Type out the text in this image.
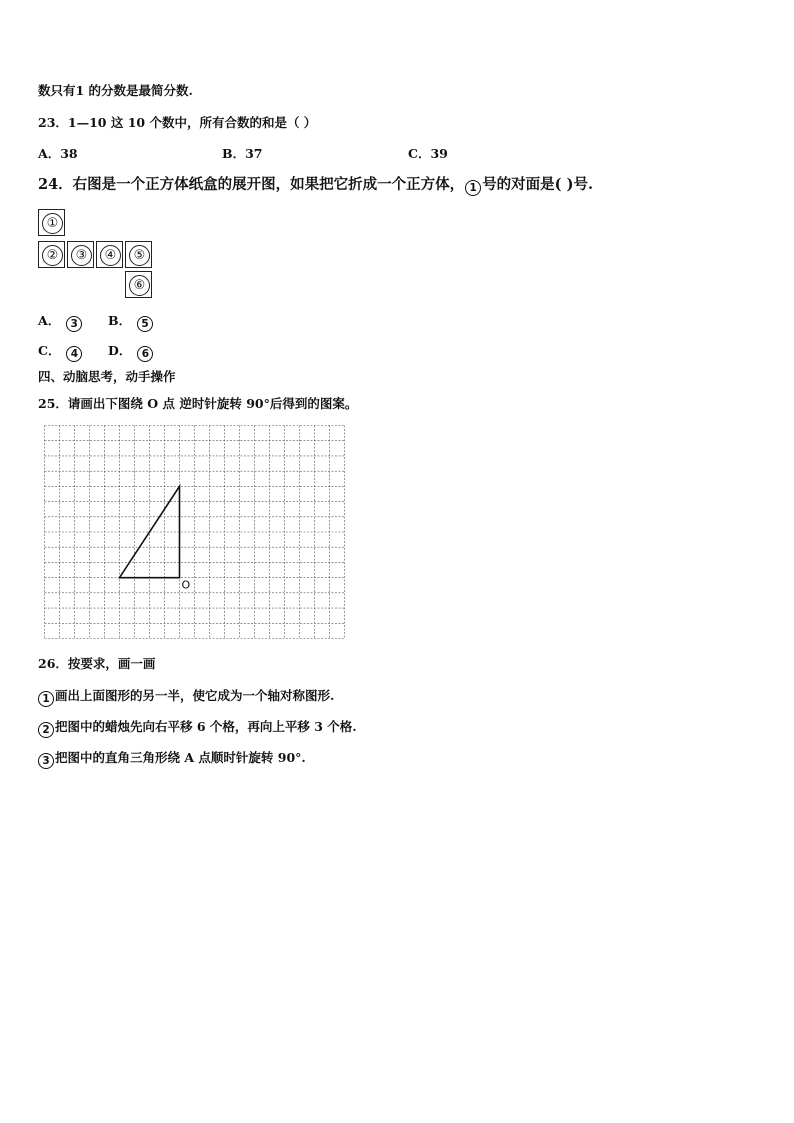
数只有1 的分数是最简分数.
23．1—10 这 10 个数中，所有合数的和是（ ）
A．38	B．37	C．39
24．右图是一个正方体纸盒的展开图，如果把它折成一个正方体， 1 号的对面是( )号.
①
②	③	④	⑤
⑥
A． 3	B． 5
C． 4	D． 6
四、动脑思考，动手操作
25．请画出下图绕 O 点 逆时针旋转 90°后得到的图案。
O
26．按要求，画一画
1 画出上面图形的另一半，使它成为一个轴对称图形.
2 把图中的蜡烛先向右平移 6 个格，再向上平移 3 个格.
3 把图中的直角三角形绕 A 点顺时针旋转 90°.
